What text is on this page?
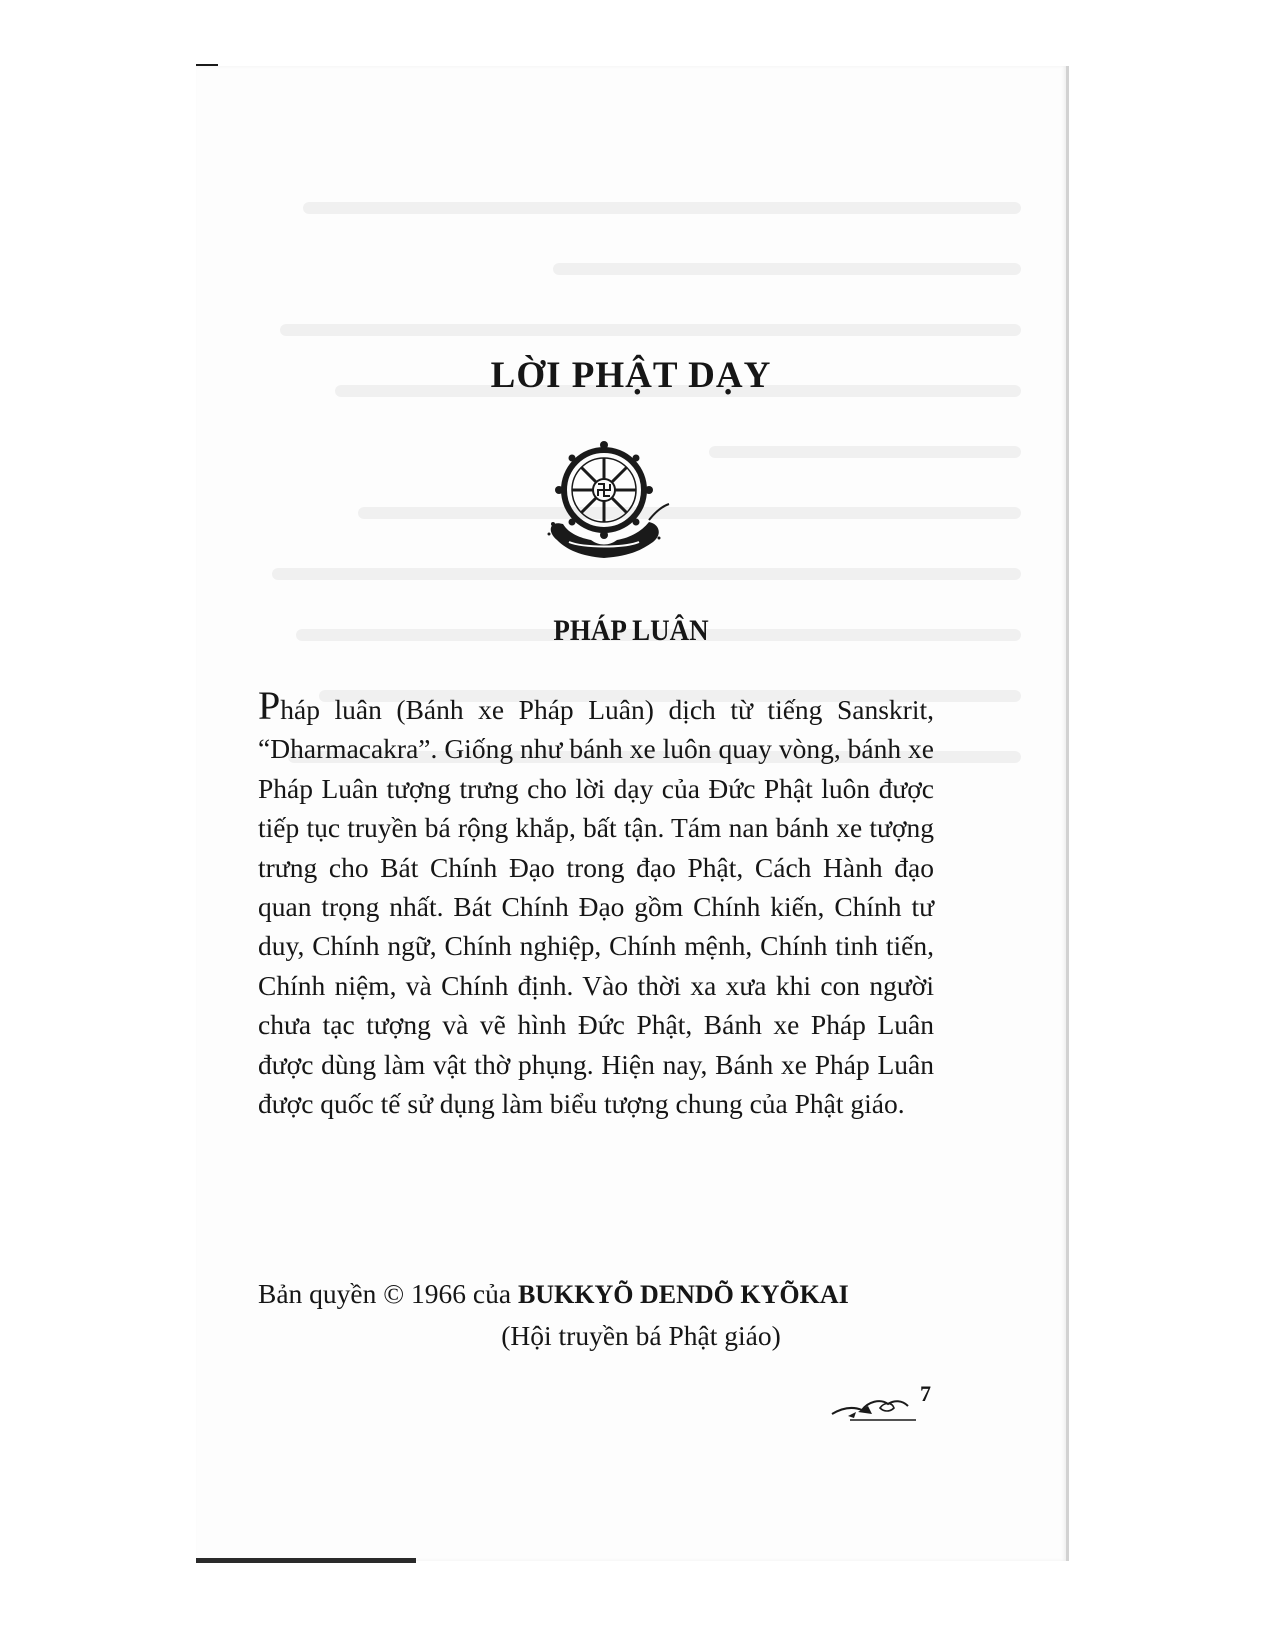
LỜI PHẬT DẠY
PHÁP LUÂN
Pháp luân (Bánh xe Pháp Luân) dịch từ tiếng Sanskrit, “Dharmacakra”. Giống như bánh xe luôn quay vòng, bánh xe Pháp Luân tượng trưng cho lời dạy của Đức Phật luôn được tiếp tục truyền bá rộng khắp, bất tận. Tám nan bánh xe tượng trưng cho Bát Chính Đạo trong đạo Phật, Cách Hành đạo quan trọng nhất. Bát Chính Đạo gồm Chính kiến, Chính tư duy, Chính ngữ, Chính nghiệp, Chính mệnh, Chính tinh tiến, Chính niệm, và Chính định. Vào thời xa xưa khi con người chưa tạc tượng và vẽ hình Đức Phật, Bánh xe Pháp Luân được dùng làm vật thờ phụng. Hiện nay, Bánh xe Pháp Luân được quốc tế sử dụng làm biểu tượng chung của Phật giáo.
Bản quyền © 1966 của BUKKYÕ DENDÕ KYÕKAI
(Hội truyền bá Phật giáo)
7
